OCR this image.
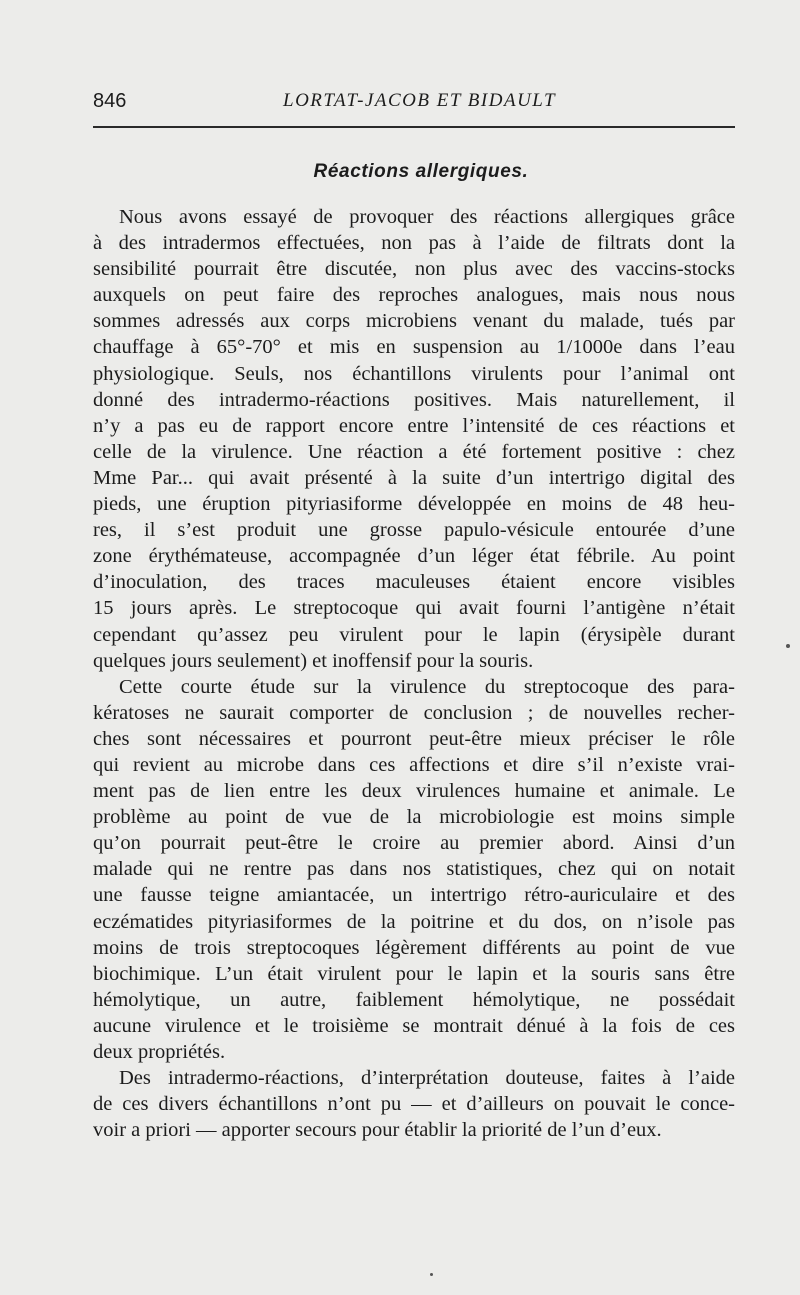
846	LORTAT-JACOB ET BIDAULT
Réactions allergiques.
Nous avons essayé de provoquer des réactions allergiques grâce
à des intradermos effectuées, non pas à l’aide de filtrats dont la
sensibilité pourrait être discutée, non plus avec des vaccins-stocks
auxquels on peut faire des reproches analogues, mais nous nous
sommes adressés aux corps microbiens venant du malade, tués par
chauffage à 65°-70° et mis en suspension au 1/1000e dans l’eau
physiologique. Seuls, nos échantillons virulents pour l’animal ont
donné des intradermo-réactions positives. Mais naturellement, il
n’y a pas eu de rapport encore entre l’intensité de ces réactions et
celle de la virulence. Une réaction a été fortement positive : chez
Mme Par... qui avait présenté à la suite d’un intertrigo digital des
pieds, une éruption pityriasiforme développée en moins de 48 heu-
res, il s’est produit une grosse papulo-vésicule entourée d’une
zone érythémateuse, accompagnée d’un léger état fébrile. Au point
d’inoculation, des traces maculeuses étaient encore visibles
15 jours après. Le streptocoque qui avait fourni l’antigène n’était
cependant qu’assez peu virulent pour le lapin (érysipèle durant
quelques jours seulement) et inoffensif pour la souris.
Cette courte étude sur la virulence du streptocoque des para-
kératoses ne saurait comporter de conclusion ; de nouvelles recher-
ches sont nécessaires et pourront peut-être mieux préciser le rôle
qui revient au microbe dans ces affections et dire s’il n’existe vrai-
ment pas de lien entre les deux virulences humaine et animale. Le
problème au point de vue de la microbiologie est moins simple
qu’on pourrait peut-être le croire au premier abord. Ainsi d’un
malade qui ne rentre pas dans nos statistiques, chez qui on notait
une fausse teigne amiantacée, un intertrigo rétro-auriculaire et des
eczématides pityriasiformes de la poitrine et du dos, on n’isole pas
moins de trois streptocoques légèrement différents au point de vue
biochimique. L’un était virulent pour le lapin et la souris sans être
hémolytique, un autre, faiblement hémolytique, ne possédait
aucune virulence et le troisième se montrait dénué à la fois de ces
deux propriétés.
Des intradermo-réactions, d’interprétation douteuse, faites à l’aide
de ces divers échantillons n’ont pu — et d’ailleurs on pouvait le conce-
voir a priori — apporter secours pour établir la priorité de l’un d’eux.
